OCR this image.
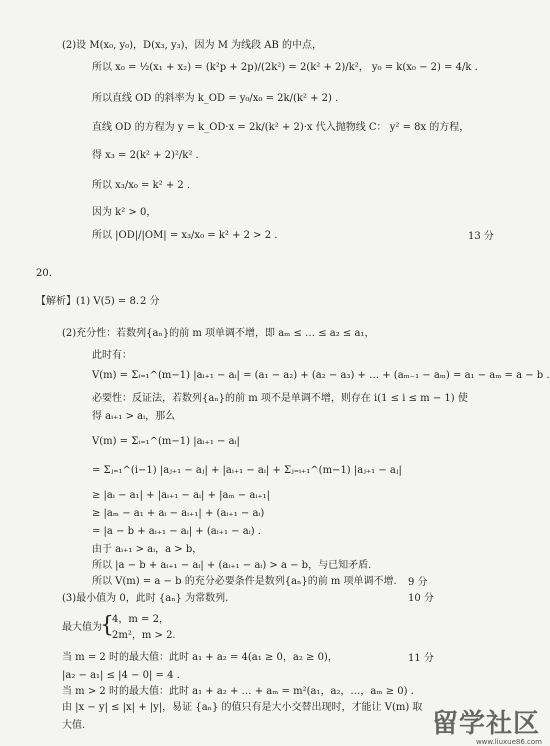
(2)设 M(x₀, y₀)，D(x₃, y₃)，因为 M 为线段 AB 的中点，
所以 x₀ = ½(x₁ + x₂) = (k²p + 2p)/(2k²) = 2(k² + 2)/k²， y₀ = k(x₀ − 2) = 4/k .
所以直线 OD 的斜率为 k_OD = y₀/x₀ = 2k/(k² + 2) .
直线 OD 的方程为 y = k_OD·x = 2k/(k² + 2)·x 代入抛物线 C： y² = 8x 的方程，
得 x₃ = 2(k² + 2)²/k² .
所以 x₃/x₀ = k² + 2 .
因为 k² > 0，
所以 |OD|/|OM| = x₃/x₀ = k² + 2 > 2 .	13 分
20.
【解析】(1) V(5) = 8. 2 分
(2)充分性：若数列{aₙ}的前 m 项单调不增，即 aₘ ≤ … ≤ a₂ ≤ a₁，
此时有：
V(m) = Σᵢ₌₁^(m−1) |aᵢ₊₁ − aᵢ| = (a₁ − a₂) + (a₂ − a₃) + … + (aₘ₋₁ − aₘ) = a₁ − aₘ = a − b .
必要性：反证法，若数列{aₙ}的前 m 项不是单调不增，则存在 i(1 ≤ i ≤ m − 1) 使
得 aᵢ₊₁ > aᵢ，那么
V(m) = Σᵢ₌₁^(m−1) |aᵢ₊₁ − aᵢ|
= Σⱼ₌₁^(i−1) |aⱼ₊₁ − aⱼ| + |aᵢ₊₁ − aᵢ| + Σⱼ₌ᵢ₊₁^(m−1) |aⱼ₊₁ − aⱼ|
≥ |aᵢ − a₁| + |aᵢ₊₁ − aᵢ| + |aₘ − aᵢ₊₁|
≥ |aₘ − a₁ + aᵢ − aᵢ₊₁| + (aᵢ₊₁ − aᵢ)
= |a − b + aᵢ₊₁ − aᵢ| + (aᵢ₊₁ − aᵢ) .
由于 aᵢ₊₁ > aᵢ，a > b，
所以 |a − b + aᵢ₊₁ − aᵢ| + (aᵢ₊₁ − aᵢ) > a − b，与已知矛盾.
所以 V(m) = a − b 的充分必要条件是数列{aₙ}的前 m 项单调不增. 9 分
(3)最小值为 0，此时 {aₙ} 为常数列.	10 分
最大值为
{
4，m = 2，
2m²，m > 2.
当 m = 2 时的最大值：此时 a₁ + a₂ = 4(a₁ ≥ 0，a₂ ≥ 0)，	11 分
|a₂ − a₁| ≤ |4 − 0| = 4 .
当 m > 2 时的最大值：此时 a₁ + a₂ + … + aₘ = m²(a₁，a₂，…，aₘ ≥ 0) .
由 |x − y| ≤ |x| + |y|，易证 {aₙ} 的值只有是大小交替出现时，才能让 V(m) 取
大值.	留学社区
www.liuxue86.com
